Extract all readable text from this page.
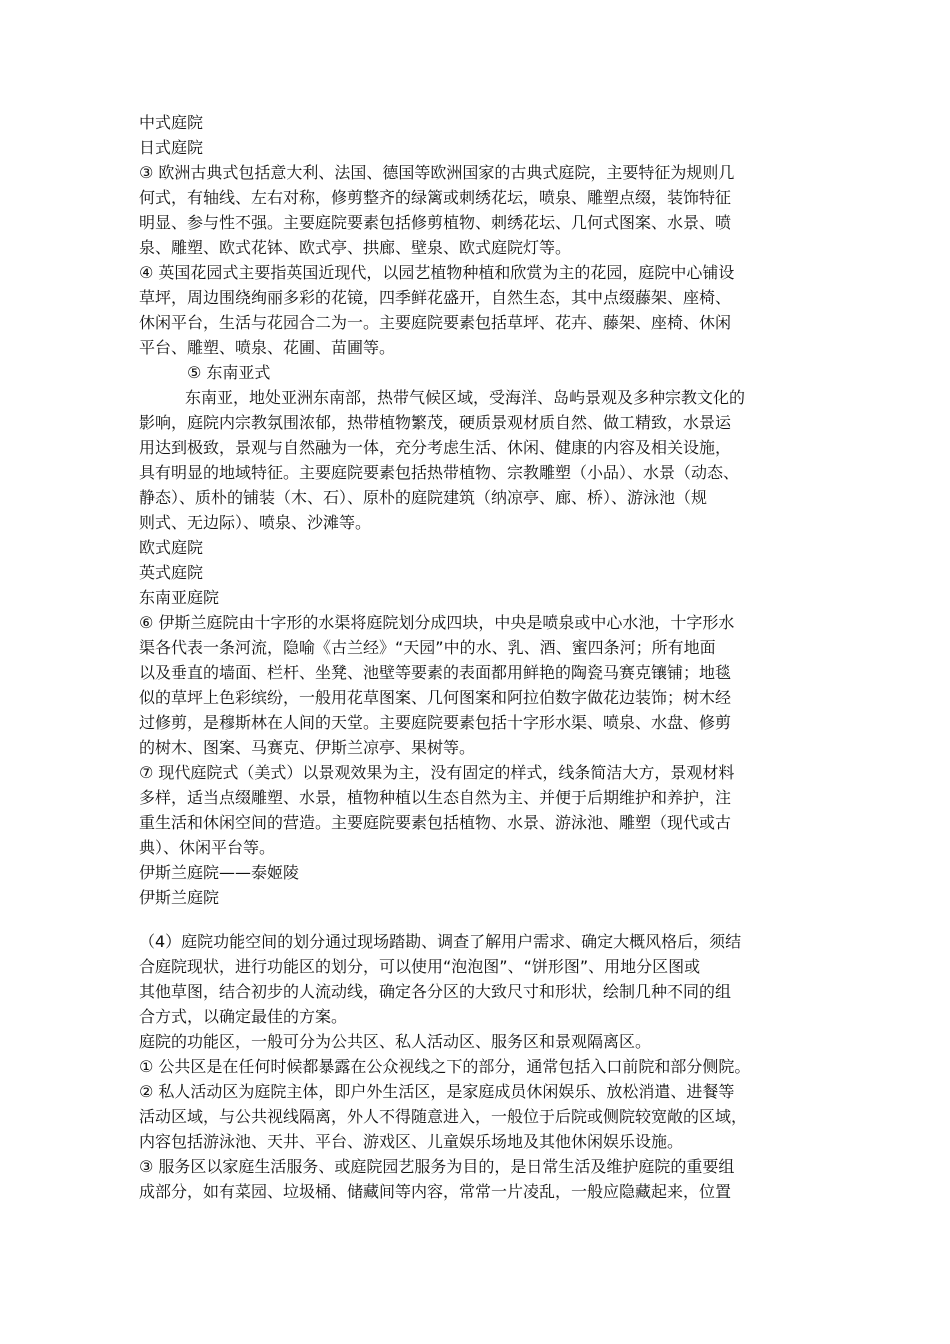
中式庭院
日式庭院
③ 欧洲古典式包括意大利、法国、德国等欧洲国家的古典式庭院，主要特征为规则几
何式，有轴线、左右对称，修剪整齐的绿篱或刺绣花坛，喷泉、雕塑点缀，装饰特征
明显、参与性不强。主要庭院要素包括修剪植物、刺绣花坛、几何式图案、水景、喷
泉、雕塑、欧式花钵、欧式亭、拱廊、壁泉、欧式庭院灯等。
④ 英国花园式主要指英国近现代，以园艺植物种植和欣赏为主的花园，庭院中心铺设
草坪，周边围绕绚丽多彩的花镜，四季鲜花盛开，自然生态，其中点缀藤架、座椅、
休闲平台，生活与花园合二为一。主要庭院要素包括草坪、花卉、藤架、座椅、休闲
平台、雕塑、喷泉、花圃、苗圃等。
⑤ 东南亚式
东南亚，地处亚洲东南部，热带气候区域，受海洋、岛屿景观及多种宗教文化的
影响，庭院内宗教氛围浓郁，热带植物繁茂，硬质景观材质自然、做工精致，水景运
用达到极致，景观与自然融为一体，充分考虑生活、休闲、健康的内容及相关设施，
具有明显的地域特征。主要庭院要素包括热带植物、宗教雕塑（小品）、水景（动态、
静态）、质朴的铺装（木、石）、原朴的庭院建筑（纳凉亭、廊、桥）、游泳池（规
则式、无边际）、喷泉、沙滩等。
欧式庭院
英式庭院
东南亚庭院
⑥ 伊斯兰庭院由十字形的水渠将庭院划分成四块，中央是喷泉或中心水池，十字形水
渠各代表一条河流，隐喻《古兰经》“天园”中的水、乳、酒、蜜四条河；所有地面
以及垂直的墙面、栏杆、坐凳、池壁等要素的表面都用鲜艳的陶瓷马赛克镶铺；地毯
似的草坪上色彩缤纷，一般用花草图案、几何图案和阿拉伯数字做花边装饰；树木经
过修剪，是穆斯林在人间的天堂。主要庭院要素包括十字形水渠、喷泉、水盘、修剪
的树木、图案、马赛克、伊斯兰凉亭、果树等。
⑦ 现代庭院式（美式）以景观效果为主，没有固定的样式，线条简洁大方，景观材料
多样，适当点缀雕塑、水景，植物种植以生态自然为主、并便于后期维护和养护，注
重生活和休闲空间的营造。主要庭院要素包括植物、水景、游泳池、雕塑（现代或古
典）、休闲平台等。
伊斯兰庭院——泰姬陵
伊斯兰庭院
（4）庭院功能空间的划分通过现场踏勘、调查了解用户需求、确定大概风格后，须结
合庭院现状，进行功能区的划分，可以使用“泡泡图”、“饼形图”、用地分区图或
其他草图，结合初步的人流动线，确定各分区的大致尺寸和形状，绘制几种不同的组
合方式，以确定最佳的方案。
庭院的功能区，一般可分为公共区、私人活动区、服务区和景观隔离区。
① 公共区是在任何时候都暴露在公众视线之下的部分，通常包括入口前院和部分侧院。
② 私人活动区为庭院主体，即户外生活区，是家庭成员休闲娱乐、放松消遣、进餐等
活动区域，与公共视线隔离，外人不得随意进入，一般位于后院或侧院较宽敞的区域，
内容包括游泳池、天井、平台、游戏区、儿童娱乐场地及其他休闲娱乐设施。
③ 服务区以家庭生活服务、或庭院园艺服务为目的，是日常生活及维护庭院的重要组
成部分，如有菜园、垃圾桶、储藏间等内容，常常一片凌乱，一般应隐藏起来，位置
